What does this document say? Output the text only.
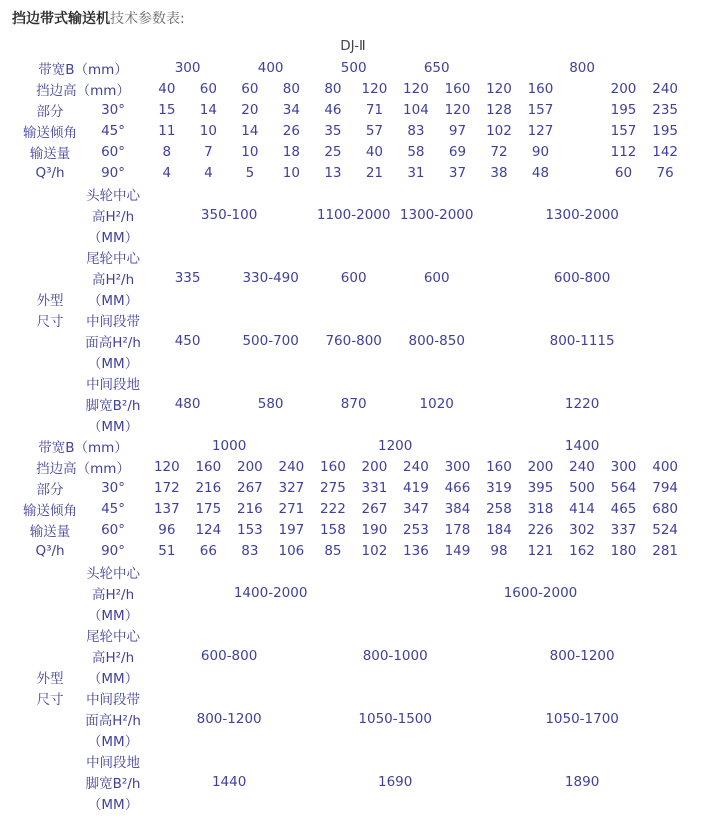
挡边带式输送机技术参数表:
DJ-Ⅱ
带宽B（mm）		300		400		500		650		800				
挡边高（mm）		40	60	60	80	80	120	120	160	120	160		200	240
部分	30°	15	14	20	34	46	71	104	120	128	157		195	235
输送倾角	45°	11	10	14	26	35	57	83	97	102	127		157	195
输送量	60°	8	7	10	18	25	40	58	69	72	90		112	142
Q³/h	90°	4	4	5	10	13	21	31	37	38	48		60	76
	头轮中心													
	高H²/h		350-100			1100-2000		1300-2000		1300-2000				
	（MM）													
	尾轮中心													
	高H²/h	335		330-490		600		600		600-800				
外型	（MM）													
尺寸	中间段带													
	面高H²/h	450		500-700		760-800		800-850		800-1115				
	（MM）													
	中间段地													
	脚宽B²/h	480		580		870		1020		1220				
	（MM）													
带宽B（mm）		1000				1200				1400				
挡边高（mm）		120	160	200	240	160	200	240	300	160	200	240	300	400
部分	30°	172	216	267	327	275	331	419	466	319	395	500	564	794
输送倾角	45°	137	175	216	271	222	267	347	384	258	318	414	465	680
输送量	60°	96	124	153	197	158	190	253	178	184	226	302	337	524
Q³/h	90°	51	66	83	106	85	102	136	149	98	121	162	180	281
	头轮中心													
	高H²/h			1400-2000						1600-2000				
	（MM）													
	尾轮中心													
	高H²/h		600-800				800-1000			800-1200				
外型	（MM）													
尺寸	中间段带													
	面高H²/h		800-1200				1050-1500			1050-1700				
	（MM）													
	中间段地													
	脚宽B²/h		1440				1690			1890				
	（MM）													
